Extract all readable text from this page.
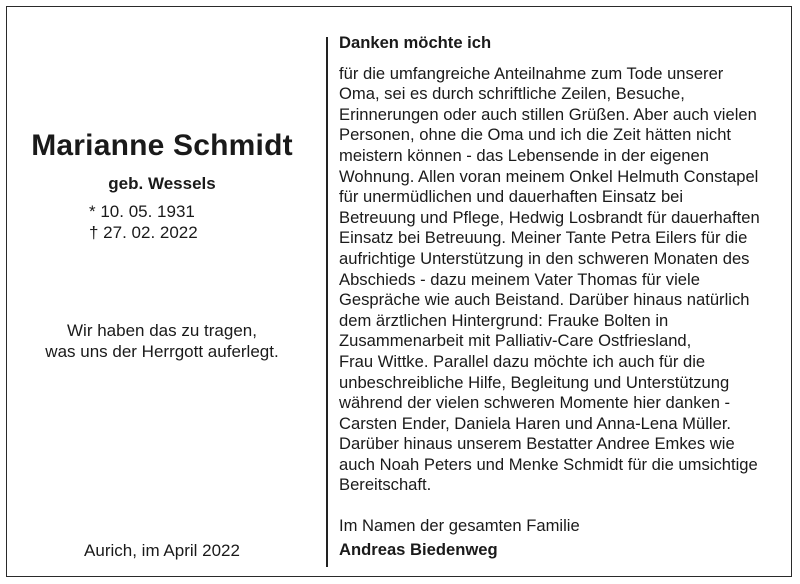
Marianne Schmidt
geb. Wessels
* 10. 05. 1931
† 27. 02. 2022
Wir haben das zu tragen,
was uns der Herrgott auferlegt.
Aurich, im April 2022
Danken möchte ich

für die umfangreiche Anteilnahme zum Tode unserer

Oma, sei es durch schriftliche Zeilen, Besuche,

Erinnerungen oder auch stillen Grüßen. Aber auch vielen

Personen, ohne die Oma und ich die Zeit hätten nicht

meistern können - das Lebensende in der eigenen

Wohnung. Allen voran meinem Onkel Helmuth Constapel

für unermüdlichen und dauerhaften Einsatz bei

Betreuung und Pflege, Hedwig Losbrandt für dauerhaften

Einsatz bei Betreuung. Meiner Tante Petra Eilers für die

aufrichtige Unterstützung in den schweren Monaten des

Abschieds - dazu meinem Vater Thomas für viele

Gespräche wie auch Beistand. Darüber hinaus natürlich

dem ärztlichen Hintergrund: Frauke Bolten in

Zusammenarbeit mit Palliativ-Care Ostfriesland,

Frau Wittke. Parallel dazu möchte ich auch für die

unbeschreibliche Hilfe, Begleitung und Unterstützung

während der vielen schweren Momente hier danken -

Carsten Ender, Daniela Haren und Anna-Lena Müller.

Darüber hinaus unserem Bestatter Andree Emkes wie

auch Noah Peters und Menke Schmidt für die umsichtige

Bereitschaft.

Im Namen der gesamten Familie
Andreas Biedenweg
